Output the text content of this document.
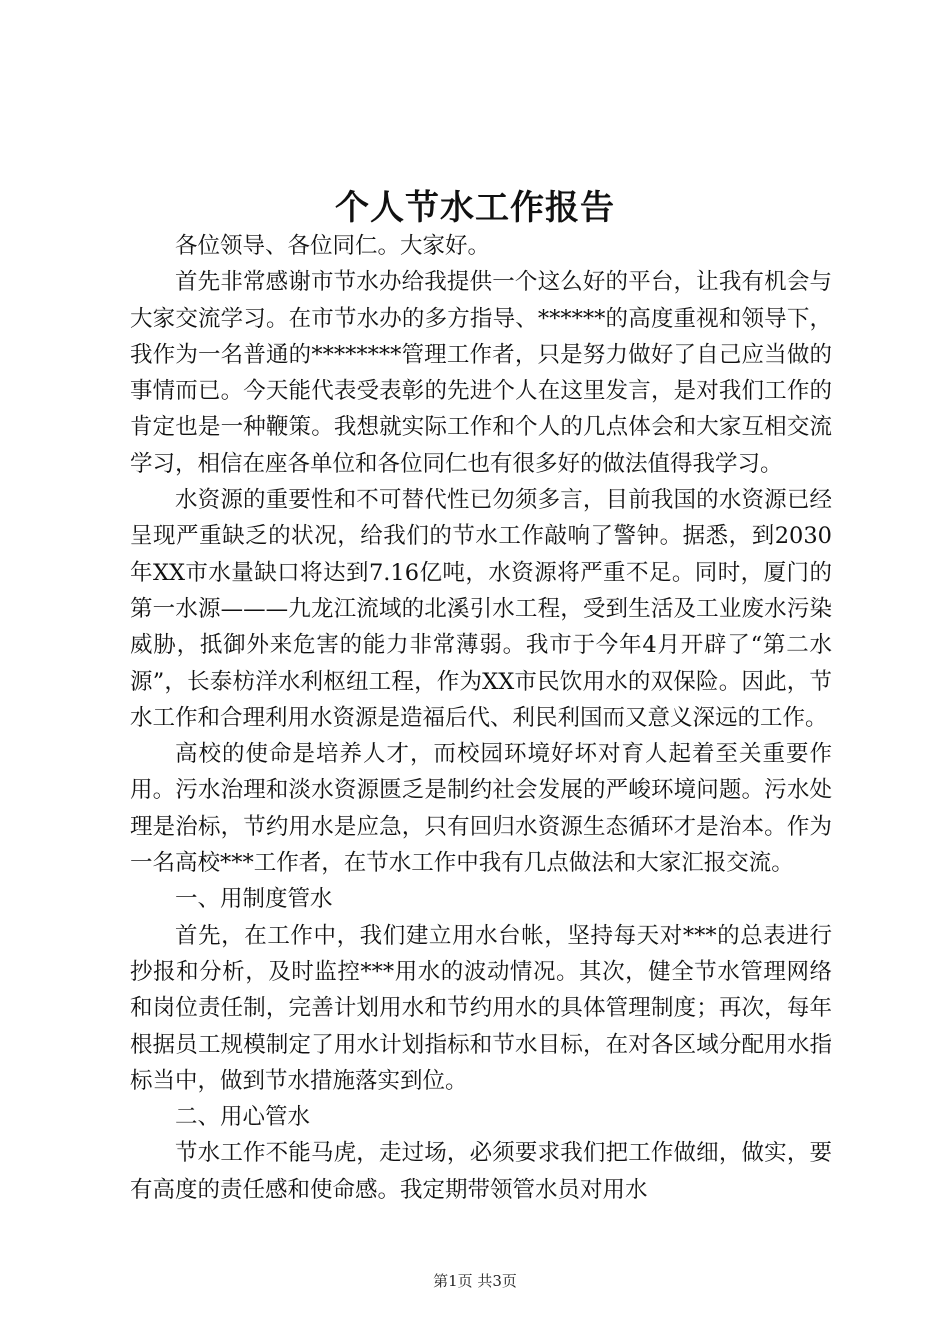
个人节水工作报告

各位领导、各位同仁。大家好。

首先非常感谢市节水办给我提供一个这么好的平台，让我有机会与大家交流学习。在市节水办的多方指导、******的高度重视和领导下，我作为一名普通的********管理工作者，只是努力做好了自己应当做的事情而已。今天能代表受表彰的先进个人在这里发言，是对我们工作的肯定也是一种鞭策。我想就实际工作和个人的几点体会和大家互相交流学习，相信在座各单位和各位同仁也有很多好的做法值得我学习。

水资源的重要性和不可替代性已勿须多言，目前我国的水资源已经呈现严重缺乏的状况，给我们的节水工作敲响了警钟。据悉，到2030年XX市水量缺口将达到7.16亿吨，水资源将严重不足。同时，厦门的第一水源———九龙江流域的北溪引水工程，受到生活及工业废水污染威胁，抵御外来危害的能力非常薄弱。我市于今年4月开辟了“第二水源”，长泰枋洋水利枢纽工程，作为XX市民饮用水的双保险。因此，节水工作和合理利用水资源是造福后代、利民利国而又意义深远的工作。

高校的使命是培养人才，而校园环境好坏对育人起着至关重要作用。污水治理和淡水资源匮乏是制约社会发展的严峻环境问题。污水处理是治标，节约用水是应急，只有回归水资源生态循环才是治本。作为一名高校***工作者，在节水工作中我有几点做法和大家汇报交流。

一、用制度管水

首先，在工作中，我们建立用水台帐，坚持每天对***的总表进行抄报和分析，及时监控***用水的波动情况。其次，健全节水管理网络和岗位责任制，完善计划用水和节约用水的具体管理制度；再次，每年根据员工规模制定了用水计划指标和节水目标，在对各区域分配用水指标当中，做到节水措施落实到位。

二、用心管水

节水工作不能马虎，走过场，必须要求我们把工作做细，做实，要有高度的责任感和使命感。我定期带领管水员对用水

第1页 共3页
